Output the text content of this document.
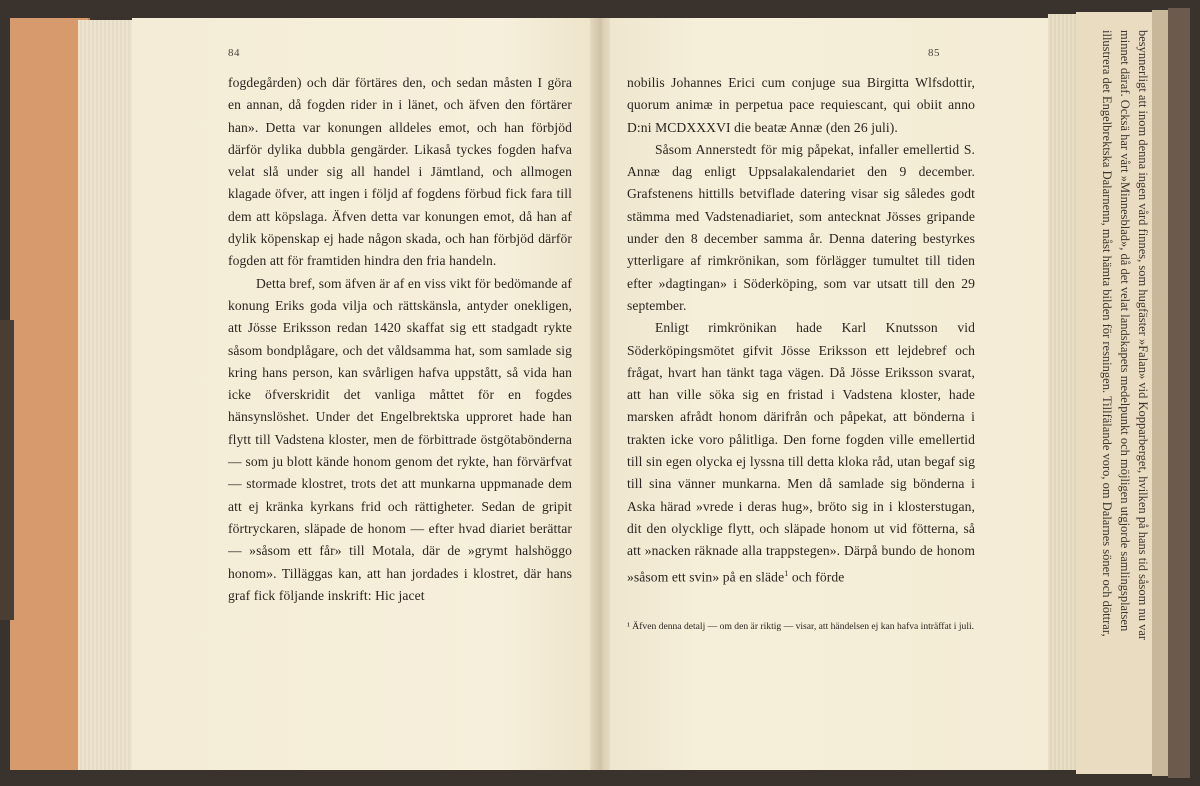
besynnerligt att inom denna ingen vård finnes, som hugfäster »Falan» vid Kopparberget, hvilken på hans tid såsom nu var
minnet däraf. Ocksä har vårt »Minnesblad», då det velat landskapets medelpunkt och möjligen utgjorde samlingsplatsen
illustrera det Engelbrektska Dalarnenn, måst hämta bilden för resningen. Tillfälande voro, om Dalarnes söner och döttrar,
84

fogdegården) och där förtäres den, och sedan måsten I göra en annan, då fogden rider in i länet, och äfven den förtärer han». Detta var konungen alldeles emot, och han förbjöd därför dylika dubbla gengärder. Likaså tyckes fogden hafva velat slå under sig all handel i Jämtland, och allmogen klagade öfver, att ingen i följd af fogdens förbud fick fara till dem att köpslaga. Äfven detta var konungen emot, då han af dylik köpenskap ej hade någon skada, och han förbjöd därför fogden att för framtiden hindra den fria handeln.

Detta bref, som äfven är af en viss vikt för bedömande af konung Eriks goda vilja och rättskänsla, antyder onekligen, att Jösse Eriksson redan 1420 skaffat sig ett stadgadt rykte såsom bondplågare, och det våldsamma hat, som samlade sig kring hans person, kan svårligen hafva uppstått, så vida han icke öfverskridit det vanliga måttet för en fogdes hänsynslöshet. Under det Engelbrektska upproret hade han flytt till Vadstena kloster, men de förbittrade östgötabönderna — som ju blott kände honom genom det rykte, han förvärfvat — stormade klostret, trots det att munkarna uppmanade dem att ej kränka kyrkans frid och rättigheter. Sedan de gripit förtryckaren, släpade de honom — efter hvad diariet berättar — »såsom ett får» till Motala, där de »grymt halshöggo honom». Tilläggas kan, att han jordades i klostret, där hans graf fick följande inskrift: Hic jacet

85

nobilis Johannes Erici cum conjuge sua Birgitta Wlfsdottir, quorum animæ in perpetua pace requiescant, qui obiit anno D:ni MCDXXXVI die beatæ Annæ (den 26 juli).

Såsom Annerstedt för mig påpekat, infaller emellertid S. Annæ dag enligt Uppsalakalendariet den 9 december. Grafstenens hittills betviflade datering visar sig således godt stämma med Vadstenadiariet, som antecknat Jösses gripande under den 8 december samma år. Denna datering bestyrkes ytterligare af rimkrönikan, som förlägger tumultet till tiden efter »dagtingan» i Söderköping, som var utsatt till den 29 september.

Enligt rimkrönikan hade Karl Knutsson vid Söderköpingsmötet gifvit Jösse Eriksson ett lejdebref och frågat, hvart han tänkt taga vägen. Då Jösse Eriksson svarat, att han ville söka sig en fristad i Vadstena kloster, hade marsken afrådt honom därifrån och påpekat, att bönderna i trakten icke voro pålitliga. Den forne fogden ville emellertid till sin egen olycka ej lyssna till detta kloka råd, utan begaf sig till sina vänner munkarna. Men då samlade sig bönderna i Aska härad »vrede i deras hug», bröto sig in i klosterstugan, dit den olycklige flytt, och släpade honom ut vid fötterna, så att »nacken räknade alla trappstegen». Därpå bundo de honom »såsom ett svin» på en släde$^1$ och förde

¹ Äfven denna detalj — om den är riktig — visar, att händelsen ej kan hafva inträffat i juli.
